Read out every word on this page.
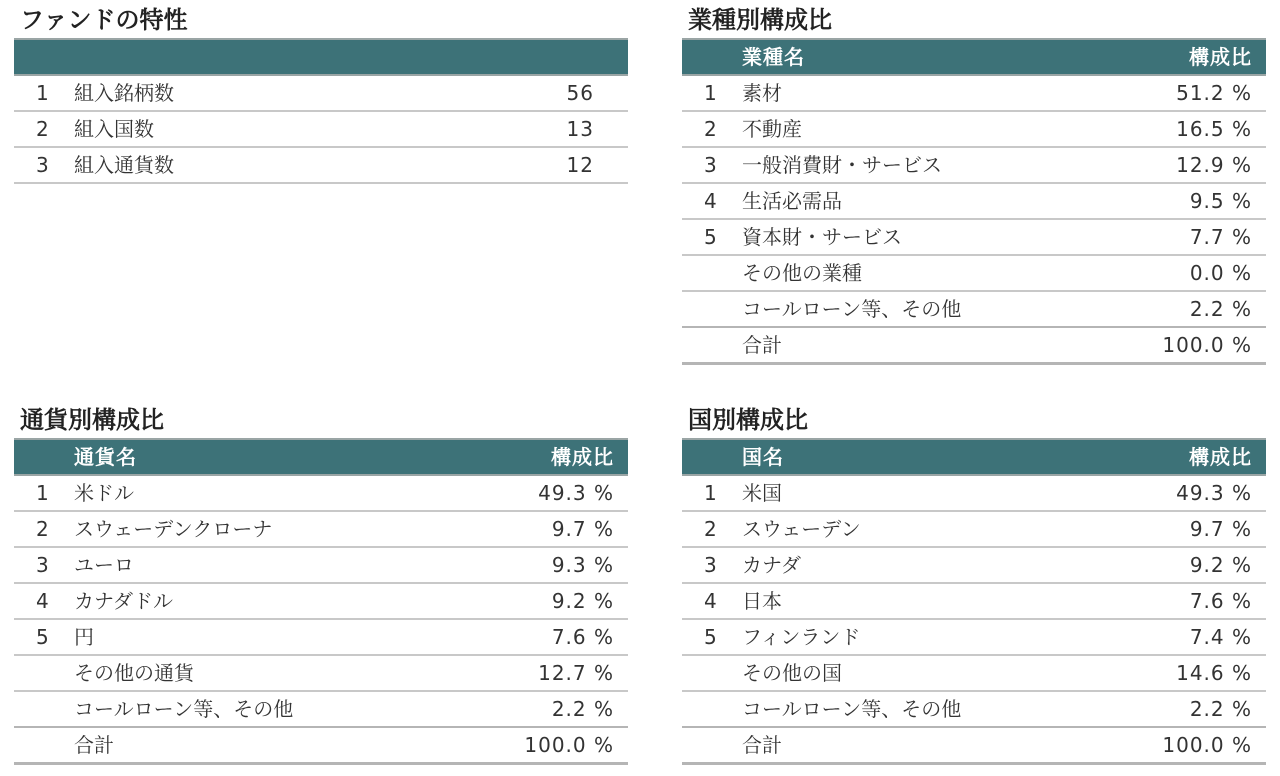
ファンドの特性
1 組入銘柄数	56
2 組入国数	13
3 組入通貨数	12
業種別構成比
業種名	構成比
1 素材	51.2 %
2 不動産	16.5 %
3 一般消費財・サービス	12.9 %
4 生活必需品	9.5 %
5 資本財・サービス	7.7 %
その他の業種	0.0 %
コールローン等、その他	2.2 %
合計	100.0 %
通貨別構成比
通貨名	構成比
1 米ドル	49.3 %
2 スウェーデンクローナ	9.7 %
3 ユーロ	9.3 %
4 カナダドル	9.2 %
5 円	7.6 %
その他の通貨	12.7 %
コールローン等、その他	2.2 %
合計	100.0 %
国別構成比
国名	構成比
1 米国	49.3 %
2 スウェーデン	9.7 %
3 カナダ	9.2 %
4 日本	7.6 %
5 フィンランド	7.4 %
その他の国	14.6 %
コールローン等、その他	2.2 %
合計	100.0 %
